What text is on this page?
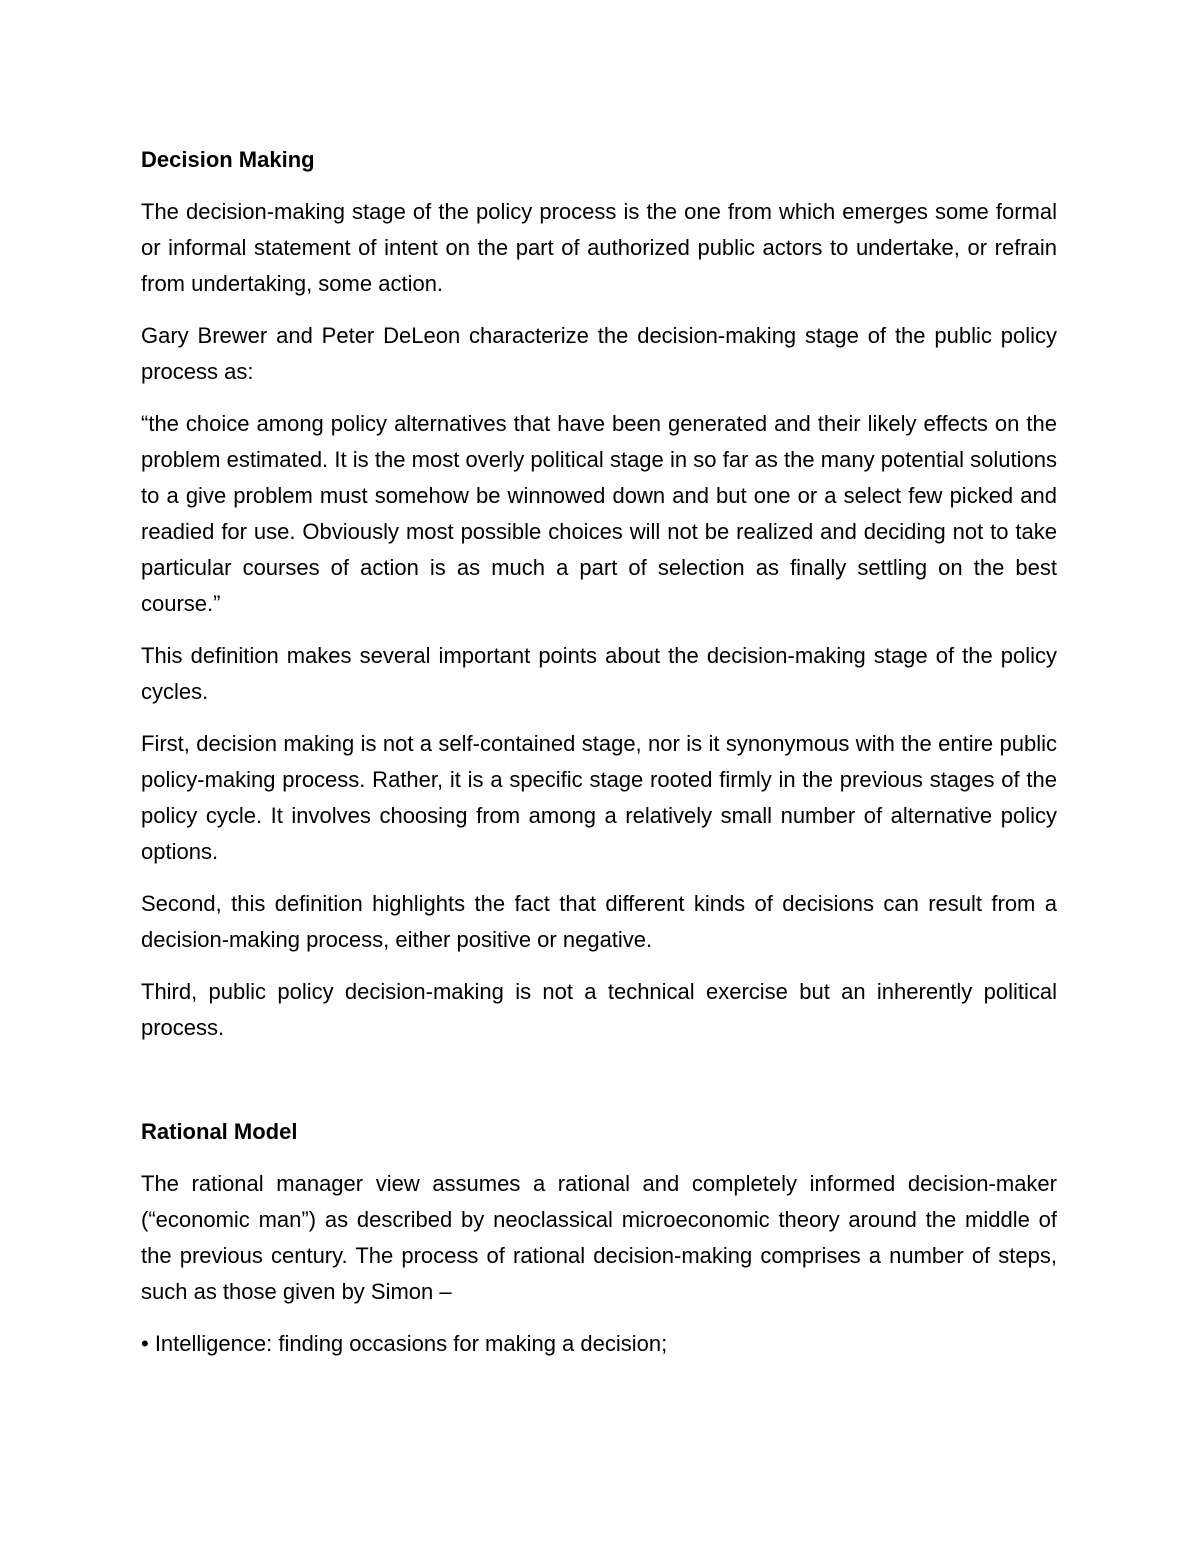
Decision Making

The decision-making stage of the policy process is the one from which emerges some formal or informal statement of intent on the part of authorized public actors to undertake, or refrain from undertaking, some action.

Gary Brewer and Peter DeLeon characterize the decision-making stage of the public policy process as:

“the choice among policy alternatives that have been generated and their likely effects on the problem estimated. It is the most overly political stage in so far as the many potential solutions to a give problem must somehow be winnowed down and but one or a select few picked and readied for use. Obviously most possible choices will not be realized and deciding not to take particular courses of action is as much a part of selection as finally settling on the best course.”

This definition makes several important points about the decision-making stage of the policy cycles.

First, decision making is not a self-contained stage, nor is it synonymous with the entire public policy-making process. Rather, it is a specific stage rooted firmly in the previous stages of the policy cycle. It involves choosing from among a relatively small number of alternative policy options.

Second, this definition highlights the fact that different kinds of decisions can result from a decision-making process, either positive or negative.

Third, public policy decision-making is not a technical exercise but an inherently political process.

Rational Model

The rational manager view assumes a rational and completely informed decision-maker (“economic man”) as described by neoclassical microeconomic theory around the middle of the previous century. The process of rational decision-making comprises a number of steps, such as those given by Simon –

• Intelligence: finding occasions for making a decision;
